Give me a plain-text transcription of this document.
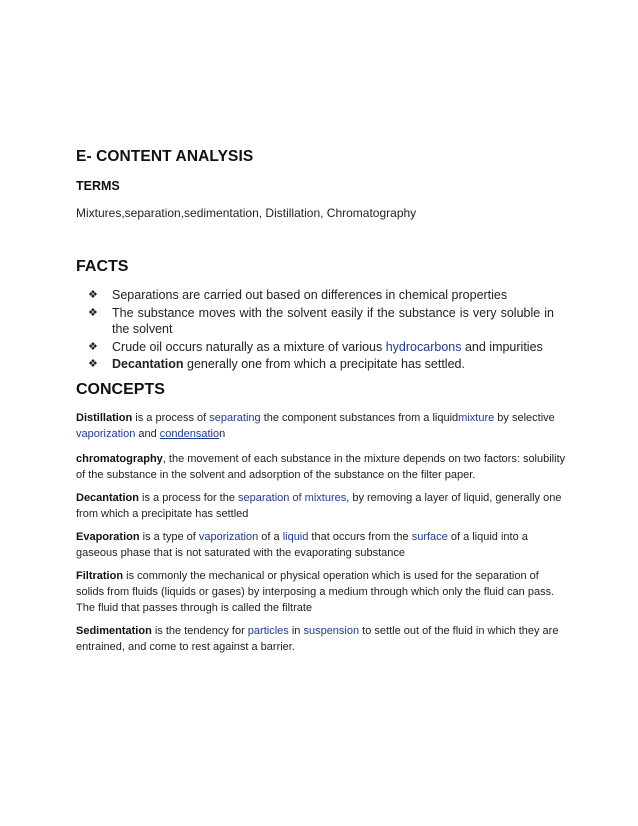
E- CONTENT ANALYSIS
TERMS

Mixtures,separation,sedimentation, Distillation, Chromatography

FACTS
❖ Separations are carried out based on differences in chemical properties
❖ The substance moves with the solvent easily if the substance is very soluble in the solvent
❖ Crude oil occurs naturally as a mixture of various hydrocarbons and impurities
❖ Decantation generally one from which a precipitate has settled.
CONCEPTS

Distillation is a process of separating the component substances from a liquidmixture by selective vaporization and condensation

chromatography, the movement of each substance in the mixture depends on two factors: solubility of the substance in the solvent and adsorption of the substance on the filter paper.

Decantation is a process for the separation of mixtures, by removing a layer of liquid, generally one from which a precipitate has settled

Evaporation is a type of vaporization of a liquid that occurs from the surface of a liquid into a gaseous phase that is not saturated with the evaporating substance

Filtration is commonly the mechanical or physical operation which is used for the separation of solids from fluids (liquids or gases) by interposing a medium through which only the fluid can pass. The fluid that passes through is called the filtrate

Sedimentation is the tendency for particles in suspension to settle out of the fluid in which they are entrained, and come to rest against a barrier.
